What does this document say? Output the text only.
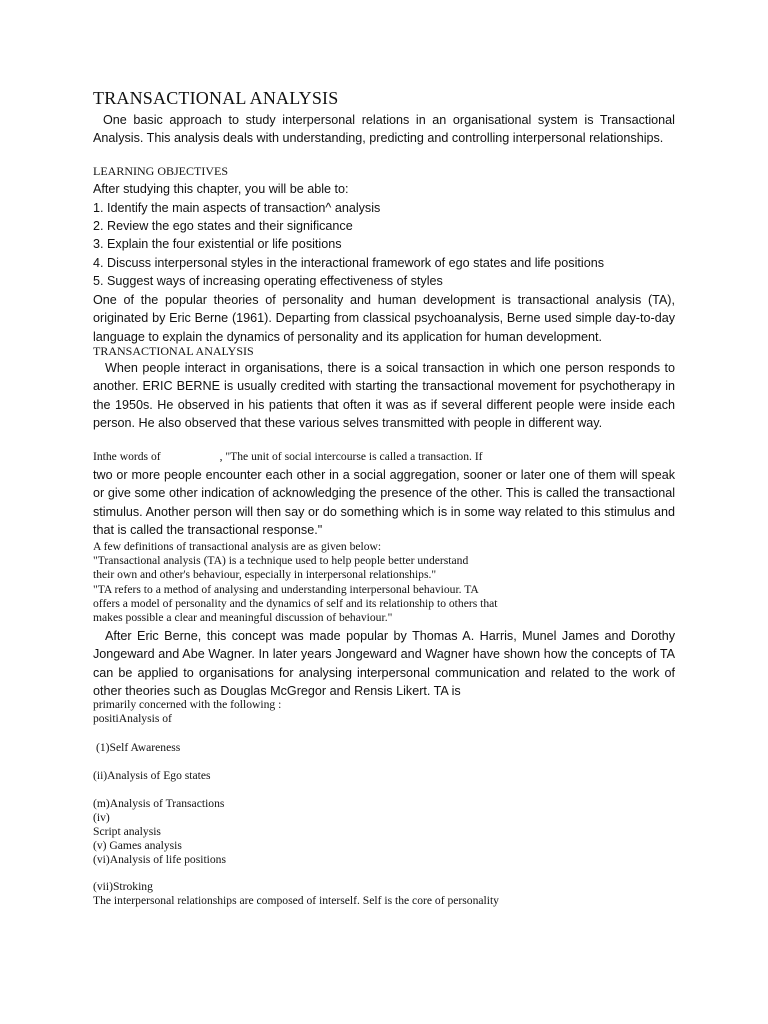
TRANSACTIONAL ANALYSIS

One basic approach to study interpersonal relations in an organisational system is Transactional Analysis. This analysis deals with understanding, predicting and controlling interpersonal relationships.

LEARNING OBJECTIVES
After studying this chapter, you will be able to:
1. Identify the main aspects of transaction^ analysis
2. Review the ego states and their significance
3. Explain the four existential or life positions
4. Discuss interpersonal styles in the interactional framework of ego states and life positions
5. Suggest ways of increasing operating effectiveness of styles

One of the popular theories of personality and human development is transactional analysis (TA), originated by Eric Berne (1961). Departing from classical psychoanalysis, Berne used simple day-to-day language to explain the dynamics of personality and its application for human development.

TRANSACTIONAL ANALYSIS

When people interact in organisations, there is a soical transaction in which one person responds to another. ERIC BERNE is usually credited with starting the transactional movement for psychotherapy in the 1950s. He observed in his patients that often it was as if several different people were inside each person. He also observed that these various selves transmitted with people in different way.

Inthe words of	, "The unit of social intercourse is called a transaction. If

two or more people encounter each other in a social aggregation, sooner or later one of them will speak or give some other indication of acknowledging the presence of the other. This is called the transactional stimulus. Another person will then say or do something which is in some way related to this stimulus and that is called the transactional response."

A few definitions of transactional analysis are as given below:
"Transactional analysis (TA) is a technique used to help people better understand
their own and other's behaviour, especially in interpersonal relationships."
"TA refers to a method of analysing and understanding interpersonal behaviour. TA
offers a model of personality and the dynamics of self and its relationship to others that
makes possible a clear and meaningful discussion of behaviour."

After Eric Berne, this concept was made popular by Thomas A. Harris, Munel James and Dorothy Jongeward and Abe Wagner. In later years Jongeward and Wagner have shown how the concepts of TA can be applied to organisations for analysing interpersonal communication and related to the work of other theories such as Douglas McGregor and Rensis Likert. TA is

primarily concerned with the following :
positiAnalysis of
(1)Self Awareness
(ii)Analysis of Ego states
(m)Analysis of Transactions
(iv)
Script analysis
(v) Games analysis
(vi)Analysis of life positions
(vii)Stroking
The interpersonal relationships are composed of interself. Self is the core of personality
